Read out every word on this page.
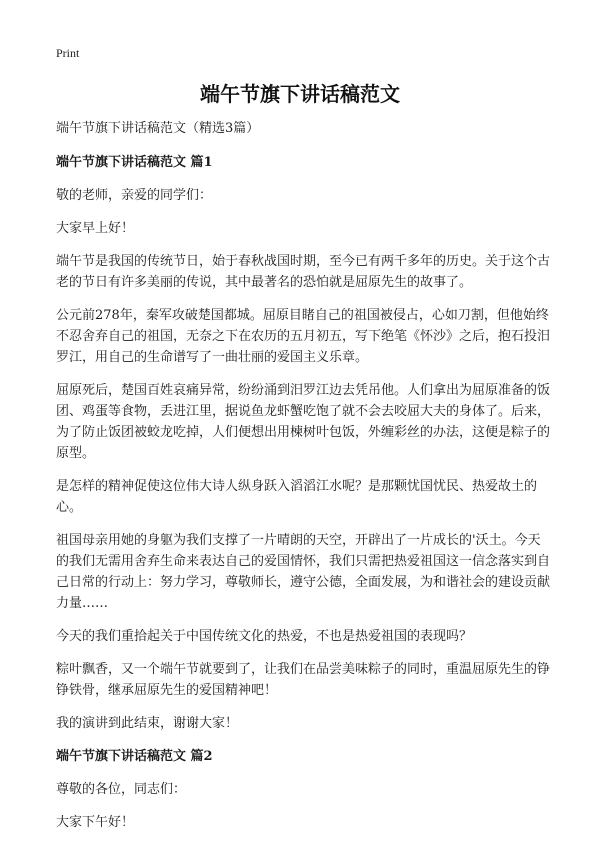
Print
端午节旗下讲话稿范文

端午节旗下讲话稿范文（精选3篇）

端午节旗下讲话稿范文 篇1

敬的老师，亲爱的同学们：

大家早上好！

端午节是我国的传统节日，始于春秋战国时期，至今已有两千多年的历史。关于这个古老的节日有许多美丽的传说，其中最著名的恐怕就是屈原先生的故事了。

公元前278年，秦军攻破楚国都城。屈原目睹自己的祖国被侵占，心如刀割，但他始终不忍舍弃自己的祖国，无奈之下在农历的五月初五，写下绝笔《怀沙》之后，抱石投汨罗江，用自己的生命谱写了一曲壮丽的爱国主义乐章。

屈原死后，楚国百姓哀痛异常，纷纷涌到汨罗江边去凭吊他。人们拿出为屈原准备的饭团、鸡蛋等食物，丢进江里，据说鱼龙虾蟹吃饱了就不会去咬屈大夫的身体了。后来，为了防止饭团被蛟龙吃掉，人们便想出用楝树叶包饭，外缠彩丝的办法，这便是粽子的原型。

是怎样的精神促使这位伟大诗人纵身跃入滔滔江水呢？是那颗忧国忧民、热爱故土的心。

祖国母亲用她的身躯为我们支撑了一片晴朗的天空，开辟出了一片成长的'沃土。今天的我们无需用舍弃生命来表达自己的爱国情怀，我们只需把热爱祖国这一信念落实到自己日常的行动上：努力学习，尊敬师长，遵守公德，全面发展，为和谐社会的建设贡献力量……

今天的我们重拾起关于中国传统文化的热爱，不也是热爱祖国的表现吗？

粽叶飘香，又一个端午节就要到了，让我们在品尝美味粽子的同时，重温屈原先生的铮铮铁骨，继承屈原先生的爱国精神吧！

我的演讲到此结束，谢谢大家！

端午节旗下讲话稿范文 篇2

尊敬的各位，同志们：

大家下午好！
